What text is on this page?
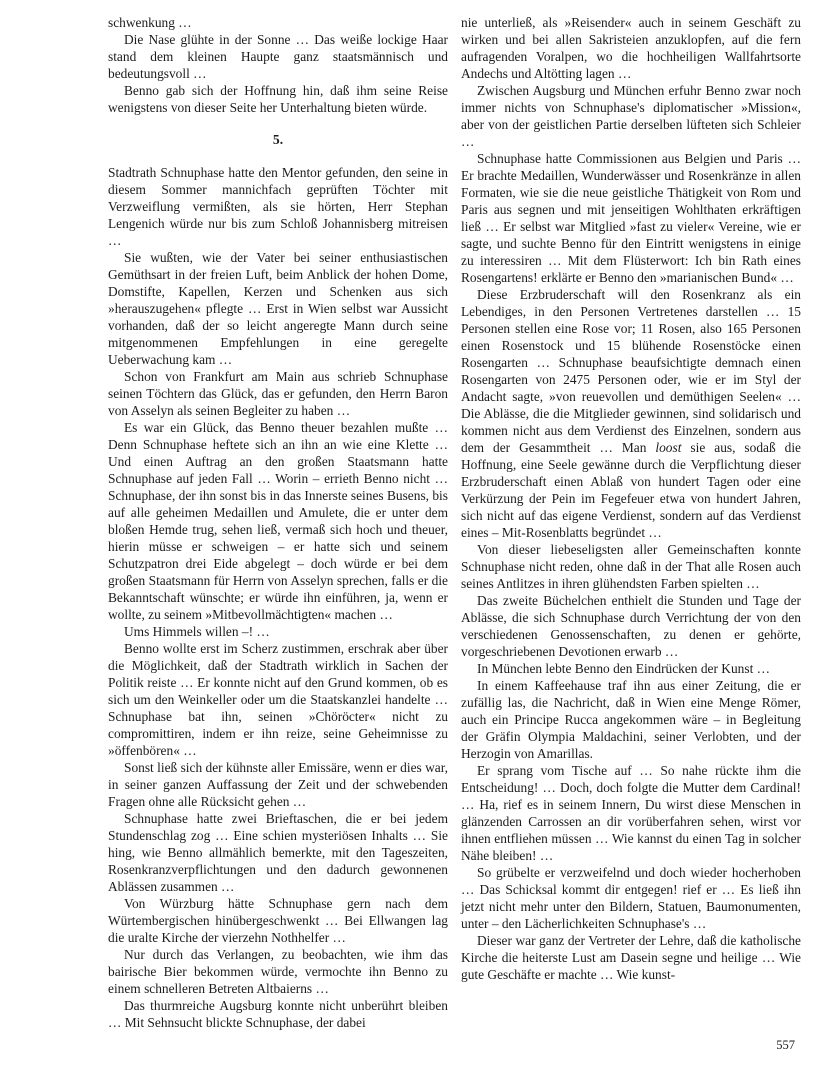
schwenkung …

Die Nase glühte in der Sonne … Das weiße lockige Haar stand dem kleinen Haupte ganz staatsmännisch und bedeutungsvoll …

Benno gab sich der Hoffnung hin, daß ihm seine Reise wenigstens von dieser Seite her Unterhaltung bieten würde.

5.

Stadtrath Schnuphase hatte den Mentor gefunden, den seine in diesem Sommer mannichfach geprüften Töchter mit Verzweiflung vermißten, als sie hörten, Herr Stephan Lengenich würde nur bis zum Schloß Johannisberg mitreisen …

Sie wußten, wie der Vater bei seiner enthusiastischen Gemüthsart in der freien Luft, beim Anblick der hohen Dome, Domstifte, Kapellen, Kerzen und Schenken aus sich »herauszugehen« pflegte … Erst in Wien selbst war Aussicht vorhanden, daß der so leicht angeregte Mann durch seine mitgenommenen Empfehlungen in eine geregelte Ueberwachung kam …

Schon von Frankfurt am Main aus schrieb Schnuphase seinen Töchtern das Glück, das er gefunden, den Herrn Baron von Asselyn als seinen Begleiter zu haben …

Es war ein Glück, das Benno theuer bezahlen mußte … Denn Schnuphase heftete sich an ihn an wie eine Klette … Und einen Auftrag an den großen Staatsmann hatte Schnuphase auf jeden Fall … Worin – errieth Benno nicht … Schnuphase, der ihn sonst bis in das Innerste seines Busens, bis auf alle geheimen Medaillen und Amulete, die er unter dem bloßen Hemde trug, sehen ließ, vermaß sich hoch und theuer, hierin müsse er schweigen – er hatte sich und seinem Schutzpatron drei Eide abgelegt – doch würde er bei dem großen Staatsmann für Herrn von Asselyn sprechen, falls er die Bekanntschaft wünschte; er würde ihn einführen, ja, wenn er wollte, zu seinem »Mitbevollmächtigten« machen …

Ums Himmels willen –! …

Benno wollte erst im Scherz zustimmen, erschrak aber über die Möglichkeit, daß der Stadtrath wirklich in Sachen der Politik reiste … Er konnte nicht auf den Grund kommen, ob es sich um den Weinkeller oder um die Staatskanzlei handelte … Schnuphase bat ihn, seinen »Chöröcter« nicht zu compromittiren, indem er ihn reize, seine Geheimnisse zu »öffenbören« …

Sonst ließ sich der kühnste aller Emissäre, wenn er dies war, in seiner ganzen Auffassung der Zeit und der schwebenden Fragen ohne alle Rücksicht gehen …

Schnuphase hatte zwei Brieftaschen, die er bei jedem Stundenschlag zog … Eine schien mysteriösen Inhalts … Sie hing, wie Benno allmählich bemerkte, mit den Tageszeiten, Rosenkranzverpflichtungen und den dadurch gewonnenen Ablässen zusammen …

Von Würzburg hätte Schnuphase gern nach dem Würtembergischen hinübergeschwenkt … Bei Ellwangen lag die uralte Kirche der vierzehn Nothhelfer …

Nur durch das Verlangen, zu beobachten, wie ihm das bairische Bier bekommen würde, vermochte ihn Benno zu einem schnelleren Betreten Altbaierns …

Das thurmreiche Augsburg konnte nicht unberührt bleiben … Mit Sehnsucht blickte Schnuphase, der dabei

nie unterließ, als »Reisender« auch in seinem Geschäft zu wirken und bei allen Sakristeien anzuklopfen, auf die fern aufragenden Voralpen, wo die hochheiligen Wallfahrtsorte Andechs und Altötting lagen …

Zwischen Augsburg und München erfuhr Benno zwar noch immer nichts von Schnuphase's diplomatischer »Mission«, aber von der geistlichen Partie derselben lüfteten sich Schleier …

Schnuphase hatte Commissionen aus Belgien und Paris … Er brachte Medaillen, Wunderwässer und Rosenkränze in allen Formaten, wie sie die neue geistliche Thätigkeit von Rom und Paris aus segnen und mit jenseitigen Wohlthaten erkräftigen ließ … Er selbst war Mitglied »fast zu vieler« Vereine, wie er sagte, und suchte Benno für den Eintritt wenigstens in einige zu interessiren … Mit dem Flüsterwort: Ich bin Rath eines Rosengartens! erklärte er Benno den »marianischen Bund« …

Diese Erzbruderschaft will den Rosenkranz als ein Lebendiges, in den Personen Vertretenes darstellen … 15 Personen stellen eine Rose vor; 11 Rosen, also 165 Personen einen Rosenstock und 15 blühende Rosenstöcke einen Rosengarten … Schnuphase beaufsichtigte demnach einen Rosengarten von 2475 Personen oder, wie er im Styl der Andacht sagte, »von reuevollen und demüthigen Seelen« … Die Ablässe, die die Mitglieder gewinnen, sind solidarisch und kommen nicht aus dem Verdienst des Einzelnen, sondern aus dem der Gesammtheit … Man loost sie aus, sodaß die Hoffnung, eine Seele gewänne durch die Verpflichtung dieser Erzbruderschaft einen Ablaß von hundert Tagen oder eine Verkürzung der Pein im Fegefeuer etwa von hundert Jahren, sich nicht auf das eigene Verdienst, sondern auf das Verdienst eines – Mit-Rosenblatts begründet …

Von dieser liebeseligsten aller Gemeinschaften konnte Schnuphase nicht reden, ohne daß in der That alle Rosen auch seines Antlitzes in ihren glühendsten Farben spielten …

Das zweite Büchelchen enthielt die Stunden und Tage der Ablässe, die sich Schnuphase durch Verrichtung der von den verschiedenen Genossenschaften, zu denen er gehörte, vorgeschriebenen Devotionen erwarb …

In München lebte Benno den Eindrücken der Kunst …

In einem Kaffeehause traf ihn aus einer Zeitung, die er zufällig las, die Nachricht, daß in Wien eine Menge Römer, auch ein Principe Rucca angekommen wäre – in Begleitung der Gräfin Olympia Maldachini, seiner Verlobten, und der Herzogin von Amarillas.

Er sprang vom Tische auf … So nahe rückte ihm die Entscheidung! … Doch, doch folgte die Mutter dem Cardinal! … Ha, rief es in seinem Innern, Du wirst diese Menschen in glänzenden Carrossen an dir vorüberfahren sehen, wirst vor ihnen entfliehen müssen … Wie kannst du einen Tag in solcher Nähe bleiben! …

So grübelte er verzweifelnd und doch wieder hocherhoben … Das Schicksal kommt dir entgegen! rief er … Es ließ ihn jetzt nicht mehr unter den Bildern, Statuen, Baumonumenten, unter – den Lächerlichkeiten Schnuphase's …

Dieser war ganz der Vertreter der Lehre, daß die katholische Kirche die heiterste Lust am Dasein segne und heilige … Wie gute Geschäfte er machte … Wie kunst-

557
